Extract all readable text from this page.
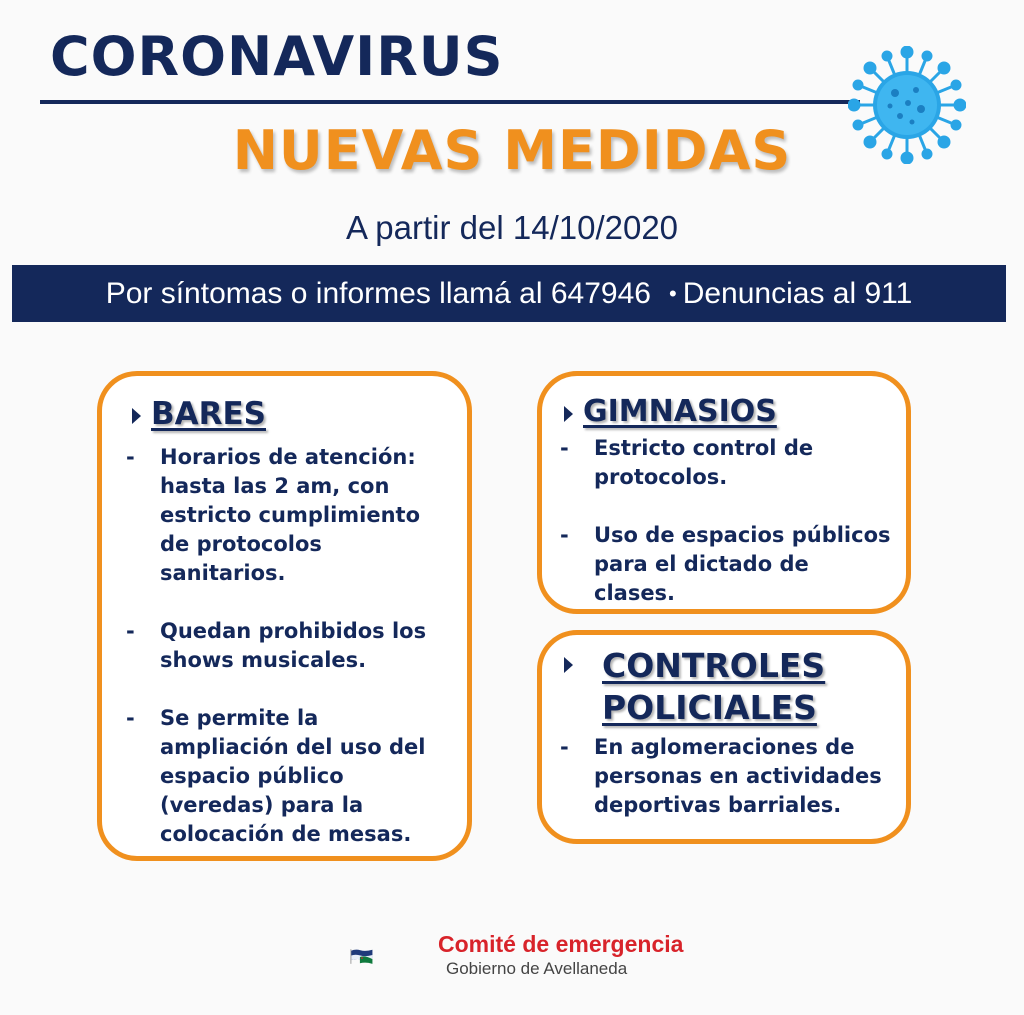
CORONAVIRUS
NUEVAS MEDIDAS
A partir del 14/10/2020
Por síntomas o informes llamá al 647946 • Denuncias al 911
BARES
- Horarios de atención: hasta las 2 am, con estricto cumplimiento de protocolos sanitarios.
- Quedan prohibidos los shows musicales.
- Se permite la ampliación del uso del espacio público (veredas) para la colocación de mesas.
GIMNASIOS
- Estricto control de protocolos.
- Uso de espacios públicos para el dictado de clases.
CONTROLES
POLICIALES
- En aglomeraciones de personas en actividades deportivas barriales.
Comité de emergencia
Gobierno de Avellaneda
